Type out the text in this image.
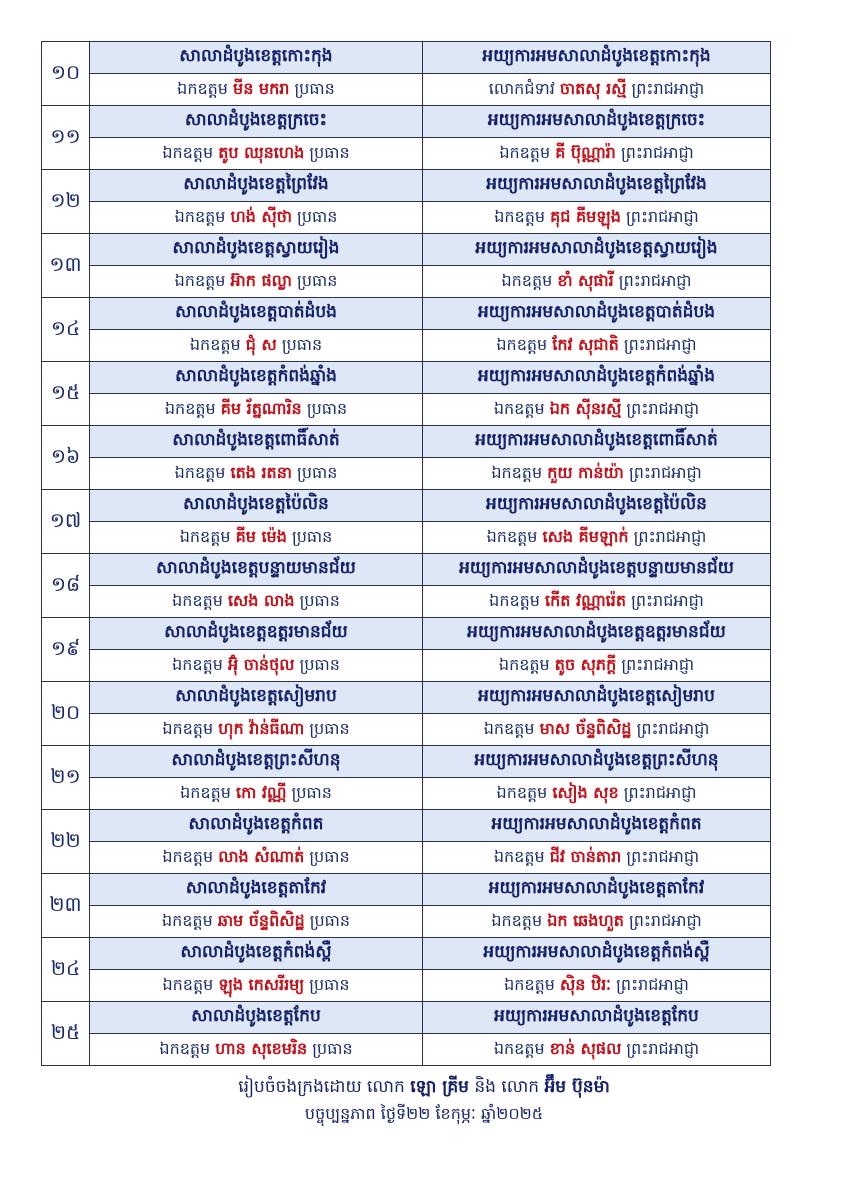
១០	សាលាដំបូងខេត្តកោះកុង	អយ្យការអមសាលាដំបូងខេត្តកោះកុង
	ឯកឧត្តម មីន មករា ប្រធាន	លោកជំទាវ ចាតសុ រស្មី ព្រះរាជអាជ្ញា
១១	សាលាដំបូងខេត្តក្រចេះ	អយ្យការអមសាលាដំបូងខេត្តក្រចេះ
	ឯកឧត្តម តូប ឈុនហេង ប្រធាន	ឯកឧត្តម គី ប៊ុណ្ណារ៉ា ព្រះរាជអាជ្ញា
១២	សាលាដំបូងខេត្តព្រៃវែង	អយ្យការអមសាលាដំបូងខេត្តព្រៃវែង
	ឯកឧត្តម ហង់ ស៊ីថា ប្រធាន	ឯកឧត្តម គុជ គីមឡុង ព្រះរាជអាជ្ញា
១៣	សាលាដំបូងខេត្តស្វាយរៀង	អយ្យការអមសាលាដំបូងខេត្តស្វាយរៀង
	ឯកឧត្តម អ៊ាក ផល្លា ប្រធាន	ឯកឧត្តម ខាំ សុផារី ព្រះរាជអាជ្ញា
១៤	សាលាដំបូងខេត្តបាត់ដំបង	អយ្យការអមសាលាដំបូងខេត្តបាត់ដំបង
	ឯកឧត្តម ជុំ ស ប្រធាន	ឯកឧត្តម កែវ សុជាតិ ព្រះរាជអាជ្ញា
១៥	សាលាដំបូងខេត្តកំពង់ឆ្នាំង	អយ្យការអមសាលាដំបូងខេត្តកំពង់ឆ្នាំង
	ឯកឧត្តម គីម រ័ត្នណារិន ប្រធាន	ឯកឧត្តម ឯក ស៊ីនរស្មី ព្រះរាជអាជ្ញា
១៦	សាលាដំបូងខេត្តពោធិ៍សាត់	អយ្យការអមសាលាដំបូងខេត្តពោធិ៍សាត់
	ឯកឧត្តម តេង រតនា ប្រធាន	ឯកឧត្តម កួយ កាន់យ៉ា ព្រះរាជអាជ្ញា
១៧	សាលាដំបូងខេត្តប៉ៃលិន	អយ្យការអមសាលាដំបូងខេត្តប៉ៃលិន
	ឯកឧត្តម គីម ម៉េង ប្រធាន	ឯកឧត្តម សេង គីមឡាក់ ព្រះរាជអាជ្ញា
១៨	សាលាដំបូងខេត្តបន្ទាយមានជ័យ	អយ្យការអមសាលាដំបូងខេត្តបន្ទាយមានជ័យ
	ឯកឧត្តម សេង លាង ប្រធាន	ឯកឧត្តម កើត វណ្ណារ៉េត ព្រះរាជអាជ្ញា
១៩	សាលាដំបូងខេត្តឧត្តរមានជ័យ	អយ្យការអមសាលាដំបូងខេត្តឧត្តរមានជ័យ
	ឯកឧត្តម អ៊ុំ ចាន់ថុល ប្រធាន	ឯកឧត្តម តូច សុភក្តី ព្រះរាជអាជ្ញា
២០	សាលាដំបូងខេត្តសៀមរាប	អយ្យការអមសាលាដំបូងខេត្តសៀមរាប
	ឯកឧត្តម ហុក វ៉ាន់ធីណា ប្រធាន	ឯកឧត្តម មាស ច័ន្ទពិសិដ្ឋ ព្រះរាជអាជ្ញា
២១	សាលាដំបូងខេត្តព្រះសីហនុ	អយ្យការអមសាលាដំបូងខេត្តព្រះសីហនុ
	ឯកឧត្តម កោ វណ្ណី ប្រធាន	ឯកឧត្តម សៀង សុខ ព្រះរាជអាជ្ញា
២២	សាលាដំបូងខេត្តកំពត	អយ្យការអមសាលាដំបូងខេត្តកំពត
	ឯកឧត្តម លាង សំណាត់ ប្រធាន	ឯកឧត្តម ជីវ ចាន់តារា ព្រះរាជអាជ្ញា
២៣	សាលាដំបូងខេត្តតាកែវ	អយ្យការអមសាលាដំបូងខេត្តតាកែវ
	ឯកឧត្តម ឆាម ច័ន្ទពិសិដ្ឋ ប្រធាន	ឯកឧត្តម ឯក ឆេងហួត ព្រះរាជអាជ្ញា
២៤	សាលាដំបូងខេត្តកំពង់ស្ពឺ	អយ្យការអមសាលាដំបូងខេត្តកំពង់ស្ពឺ
	ឯកឧត្តម ឡុង កេសរីរម្យ ប្រធាន	ឯកឧត្តម ស៊ិន ឋិរៈ ព្រះរាជអាជ្ញា
២៥	សាលាដំបូងខេត្តកែប	អយ្យការអមសាលាដំបូងខេត្តកែប
	ឯកឧត្តម ហាន សុខេមរិន ប្រធាន	ឯកឧត្តម ខាន់ សុផល ព្រះរាជអាជ្ញា
រៀបចំចងក្រងដោយ លោក ឡោ គ្រីម និង លោក អ៊ឹម ប៊ុនម៉ា
បច្ចុប្បន្នភាព ថ្ងៃទី២២ ខែកុម្ភៈ ឆ្នាំ២០២៥
